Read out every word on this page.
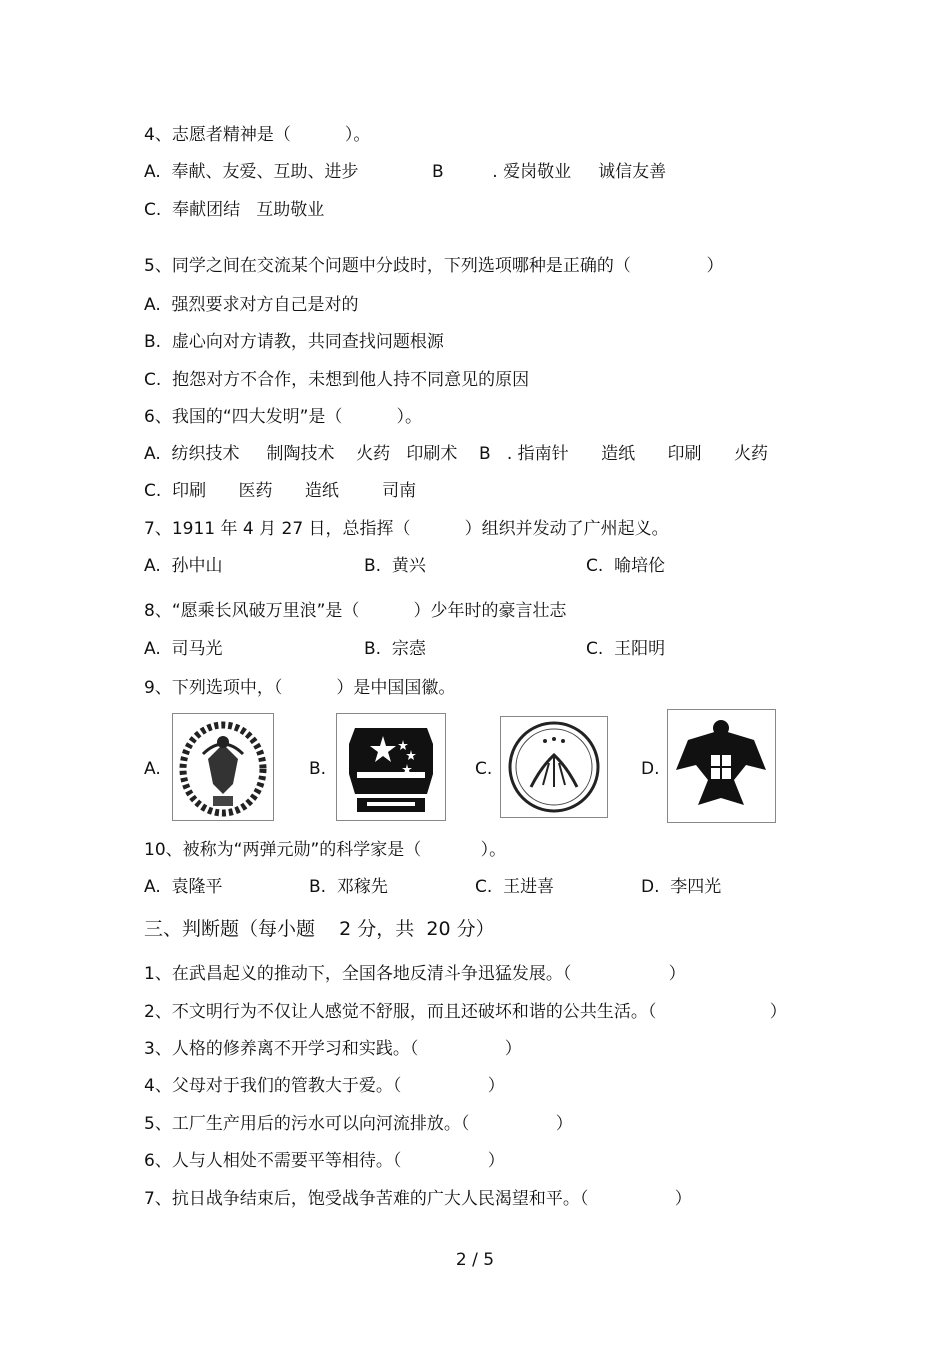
4、志愿者精神是（          ）。
A.  奉献、友爱、互助、进步	B         . 爱岗敬业     诚信友善
C.  奉献团结   互助敬业
5、同学之间在交流某个问题中分歧时，下列选项哪种是正确的（              ）
A.  强烈要求对方自己是对的
B.  虚心向对方请教，共同查找问题根源
C.  抱怨对方不合作，未想到他人持不同意见的原因
6、我国的“四大发明”是（          ）。
A.  纺织技术     制陶技术    火药   印刷术    B   . 指南针      造纸      印刷      火药
C.  印刷      医药      造纸        司南
7、1911 年 4 月 27 日，总指挥（          ）组织并发动了广州起义。
A.  孙中山	B.  黄兴	C.  喻培伦
8、“愿乘长风破万里浪”是（          ）少年时的豪言壮志
A.  司马光	B.  宗悫	C.  王阳明
9、下列选项中，（          ）是中国国徽。
A.	B.	C.	D.
10、被称为“两弹元勋”的科学家是（           ）。
A.  袁隆平	B.  邓稼先	C.  王进喜	D.  李四光
三、判断题（每小题    2 分，共  20 分）
1、在武昌起义的推动下，全国各地反清斗争迅猛发展。（                  ）
2、不文明行为不仅让人感觉不舒服，而且还破坏和谐的公共生活。（                     ）
3、人格的修养离不开学习和实践。（                ）
4、父母对于我们的管教大于爱。（                ）
5、工厂生产用后的污水可以向河流排放。（                ）
6、人与人相处不需要平等相待。（                ）
7、抗日战争结束后，饱受战争苦难的广大人民渴望和平。（                ）
2 / 5
